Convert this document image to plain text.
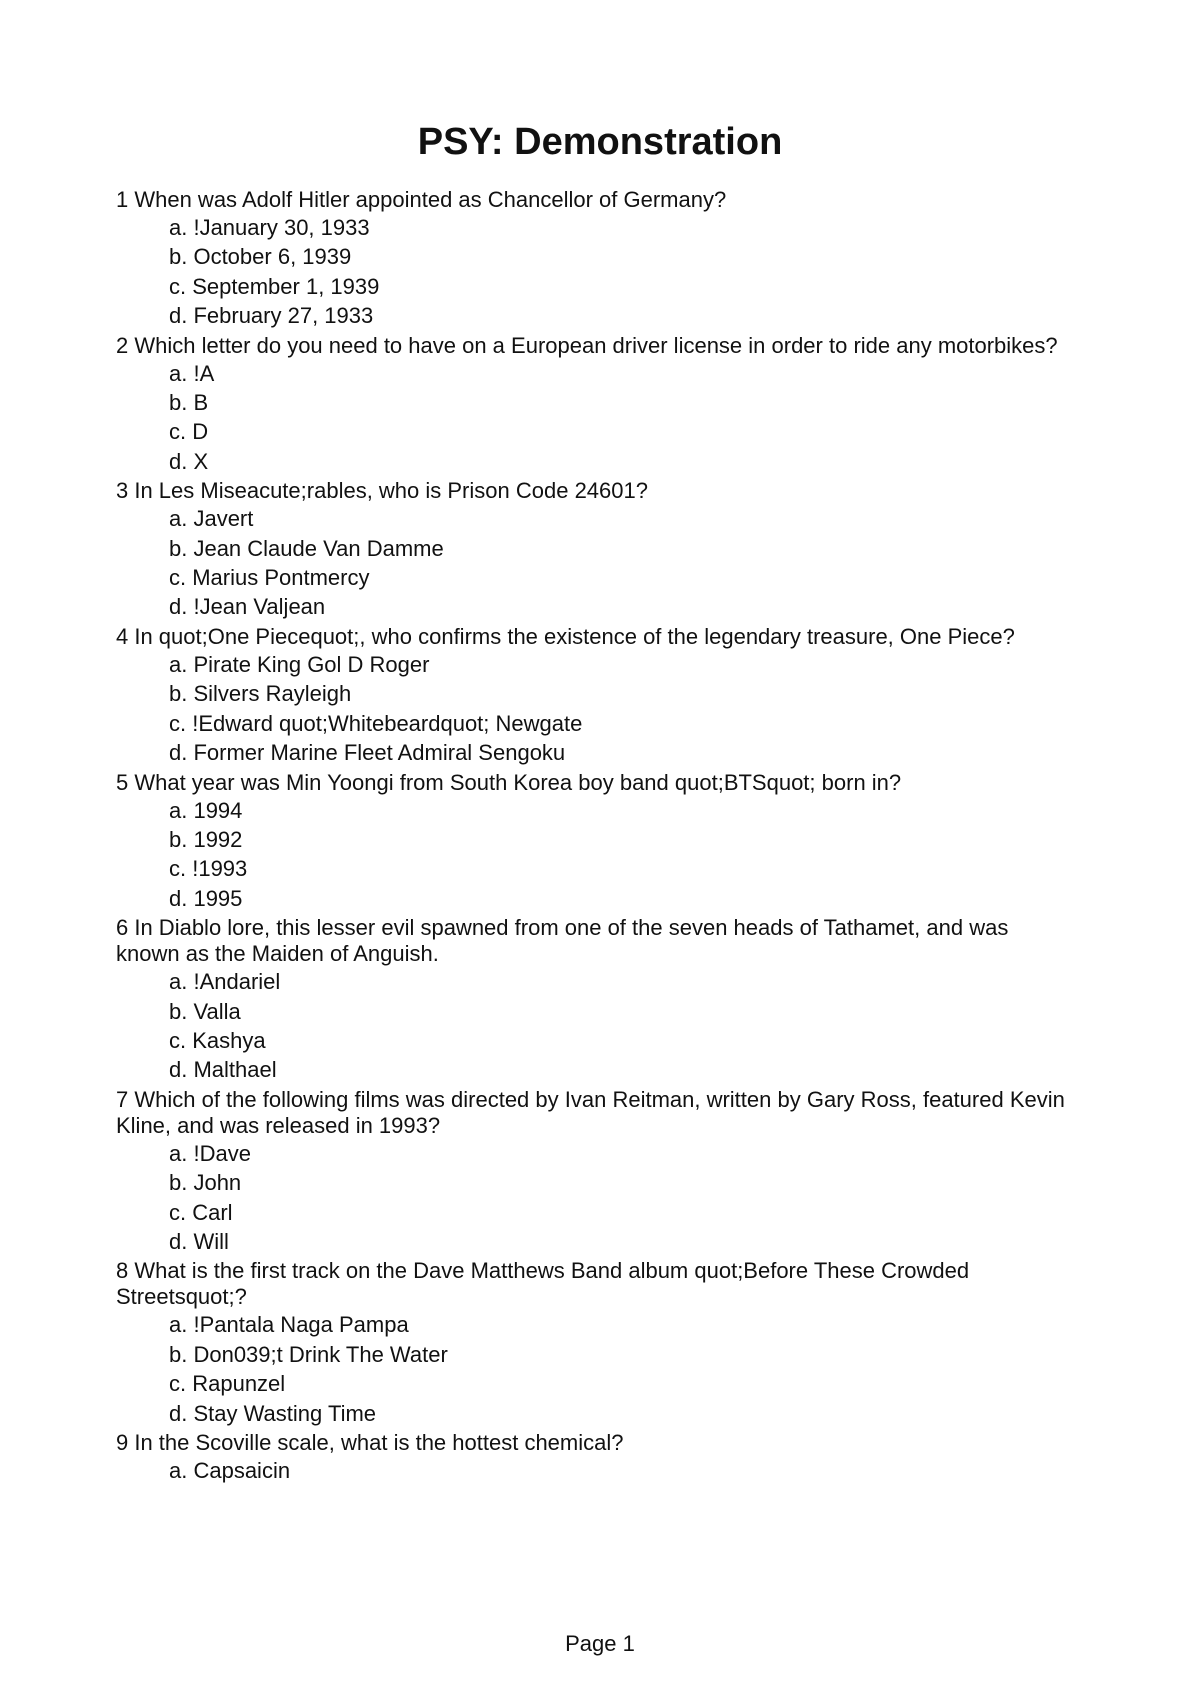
PSY: Demonstration

1 When was Adolf Hitler appointed as Chancellor of Germany?

a. !January 30, 1933

b. October 6, 1939

c. September 1, 1939

d. February 27, 1933

2 Which letter do you need to have on a European driver license in order to ride any motorbikes?

a. !A

b. B

c. D

d. X

3 In Les Miseacute;rables, who is Prison Code 24601?

a. Javert

b. Jean Claude Van Damme

c. Marius Pontmercy

d. !Jean Valjean

4 In quot;One Piecequot;, who confirms the existence of the legendary treasure, One Piece?

a. Pirate King Gol D Roger

b. Silvers Rayleigh

c. !Edward quot;Whitebeardquot; Newgate

d. Former Marine Fleet Admiral Sengoku

5 What year was Min Yoongi from South Korea boy band quot;BTSquot; born in?

a. 1994

b. 1992

c. !1993

d. 1995

6 In Diablo lore, this lesser evil spawned from one of the seven heads of Tathamet, and was known as the Maiden of Anguish.

a. !Andariel

b. Valla

c. Kashya

d. Malthael

7 Which of the following films was directed by Ivan Reitman, written by Gary Ross, featured Kevin Kline, and was released in 1993?

a. !Dave

b. John

c. Carl

d. Will

8 What is the first track on the Dave Matthews Band album quot;Before These Crowded Streetsquot;?

a. !Pantala Naga Pampa

b. Don039;t Drink The Water

c. Rapunzel

d. Stay Wasting Time

9 In the Scoville scale, what is the hottest chemical?

a. Capsaicin

Page 1
